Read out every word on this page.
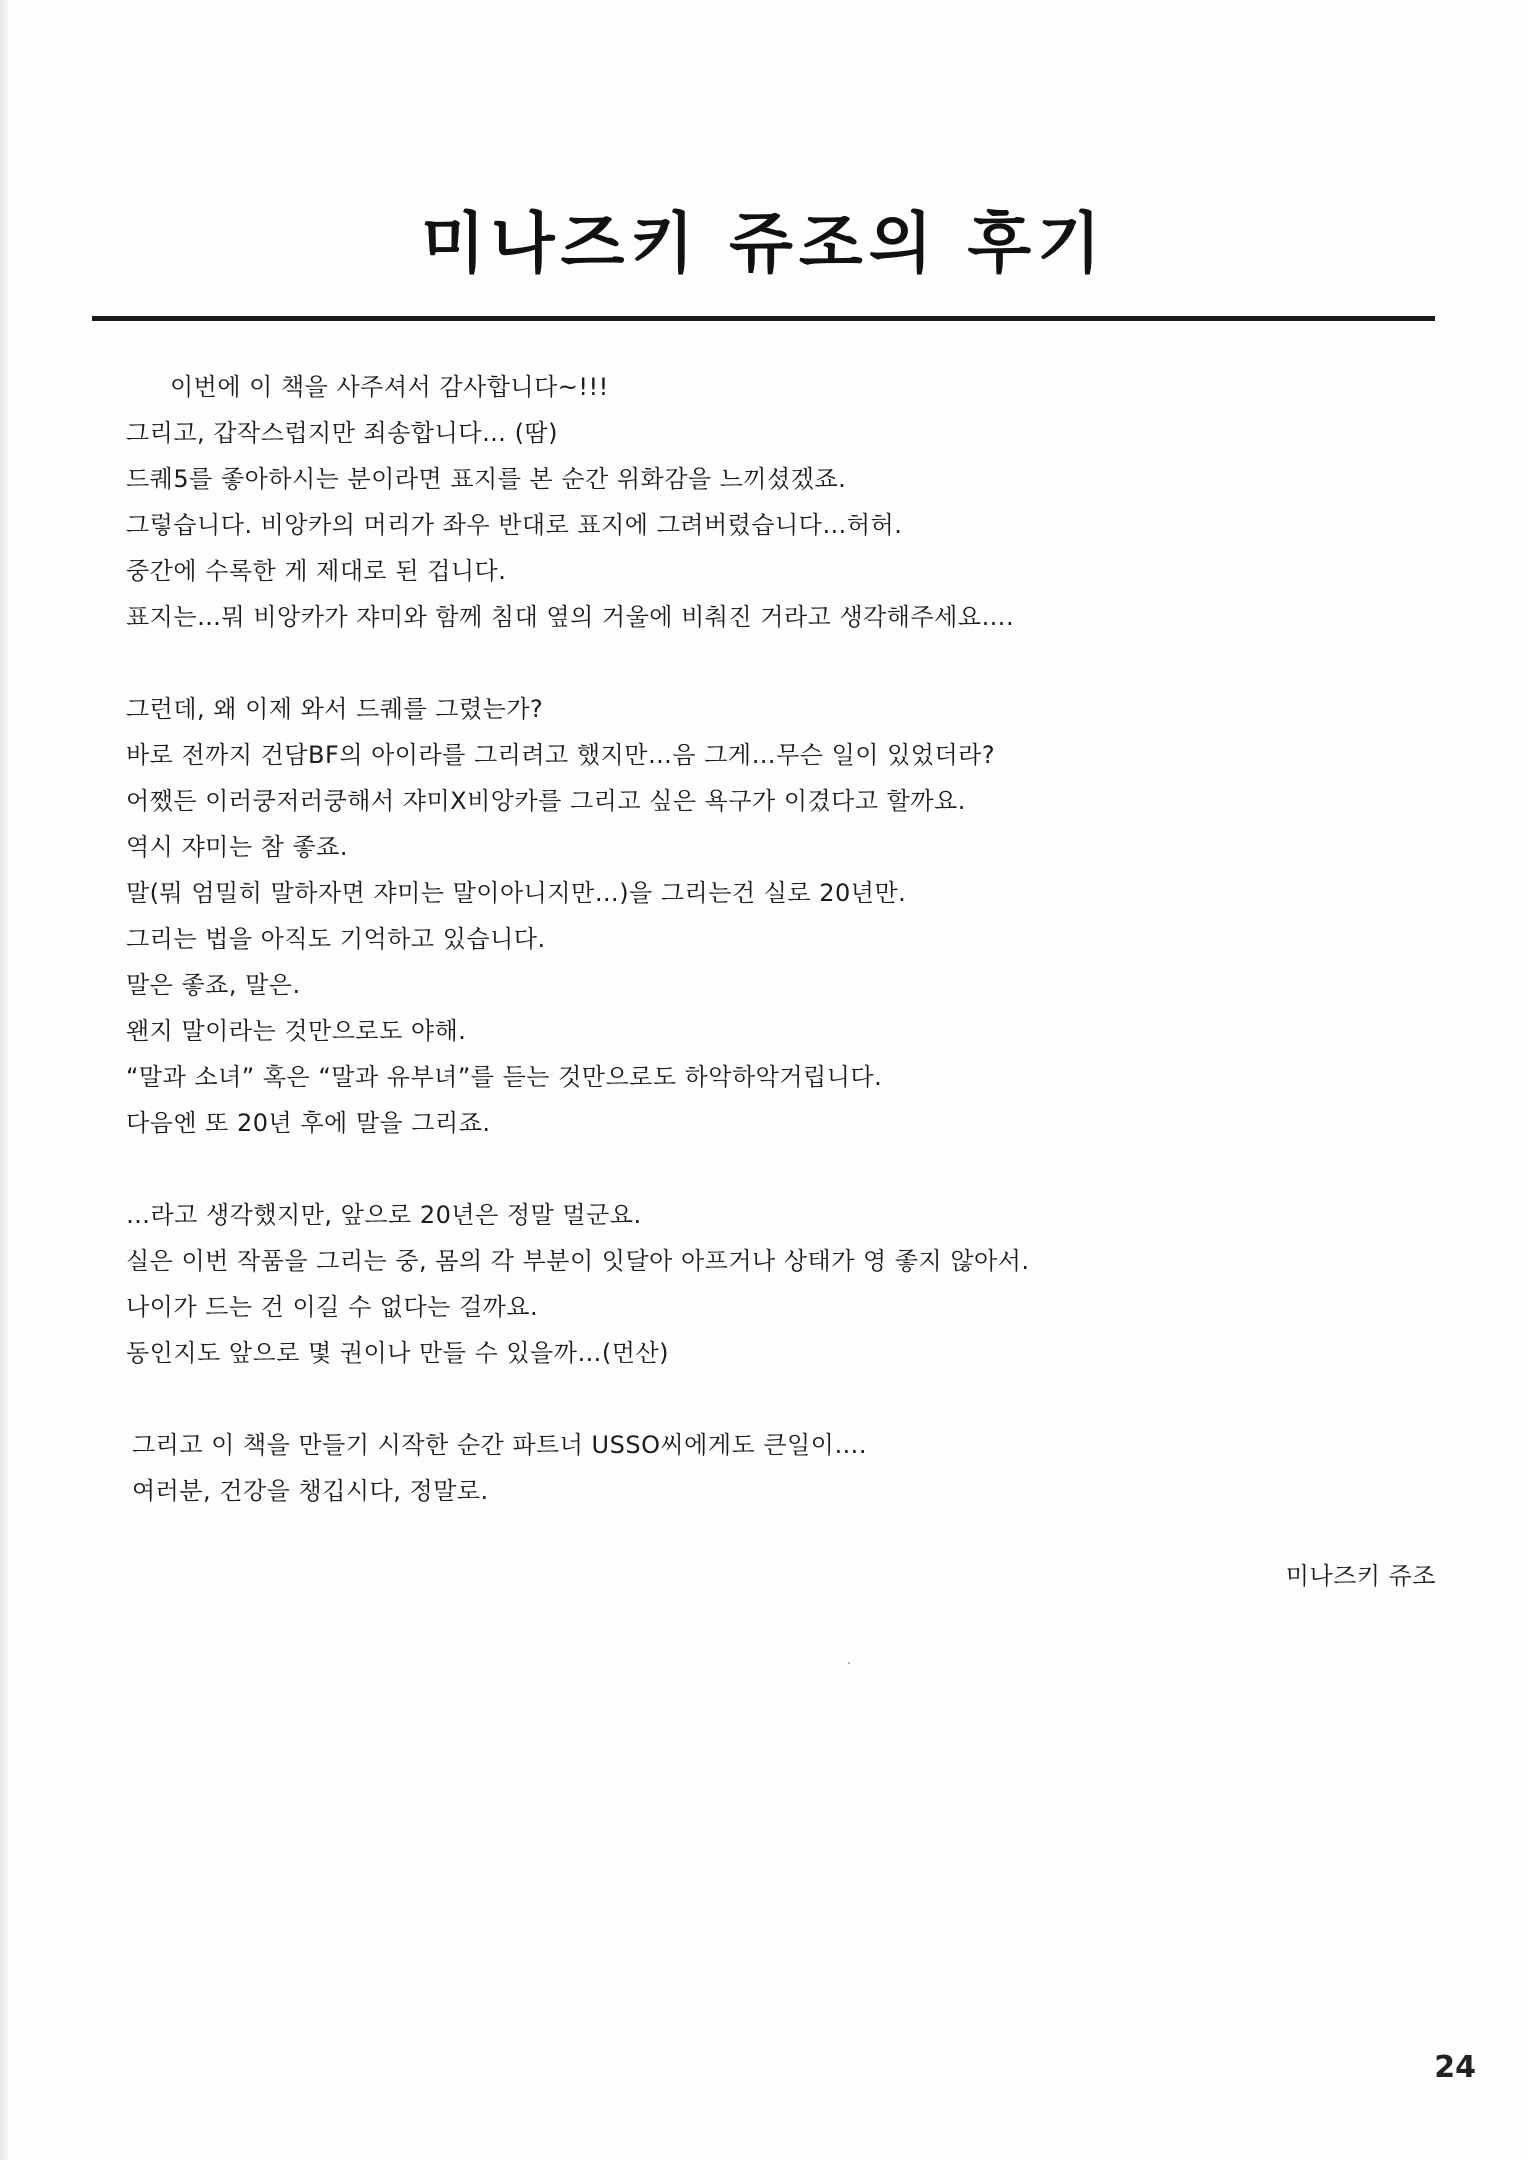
미나즈키 쥬조의 후기
이번에 이 책을 사주셔서 감사합니다~!!!
그리고, 갑작스럽지만 죄송합니다… (땀)
드퀘5를 좋아하시는 분이라면 표지를 본 순간 위화감을 느끼셨겠죠.
그렇습니다. 비앙카의 머리가 좌우 반대로 표지에 그려버렸습니다…허허.
중간에 수록한 게 제대로 된 겁니다.
표지는…뭐 비앙카가 쟈미와 함께 침대 옆의 거울에 비춰진 거라고 생각해주세요….
그런데, 왜 이제 와서 드퀘를 그렸는가?
바로 전까지 건담BF의 아이라를 그리려고 했지만…음 그게…무슨 일이 있었더라?
어쨌든 이러쿵저러쿵해서 쟈미X비앙카를 그리고 싶은 욕구가 이겼다고 할까요.
역시 쟈미는 참 좋죠.
말(뭐 엄밀히 말하자면 쟈미는 말이아니지만…)을 그리는건 실로 20년만.
그리는 법을 아직도 기억하고 있습니다.
말은 좋죠, 말은.
왠지 말이라는 것만으로도 야해.
“말과 소녀” 혹은 “말과 유부녀”를 듣는 것만으로도 하악하악거립니다.
다음엔 또 20년 후에 말을 그리죠.
…라고 생각했지만, 앞으로 20년은 정말 멀군요.
실은 이번 작품을 그리는 중, 몸의 각 부분이 잇달아 아프거나 상태가 영 좋지 않아서.
나이가 드는 건 이길 수 없다는 걸까요.
동인지도 앞으로 몇 권이나 만들 수 있을까…(먼산)
그리고 이 책을 만들기 시작한 순간 파트너 USSO씨에게도 큰일이….
여러분, 건강을 챙깁시다, 정말로.
미나즈키 쥬조
24
